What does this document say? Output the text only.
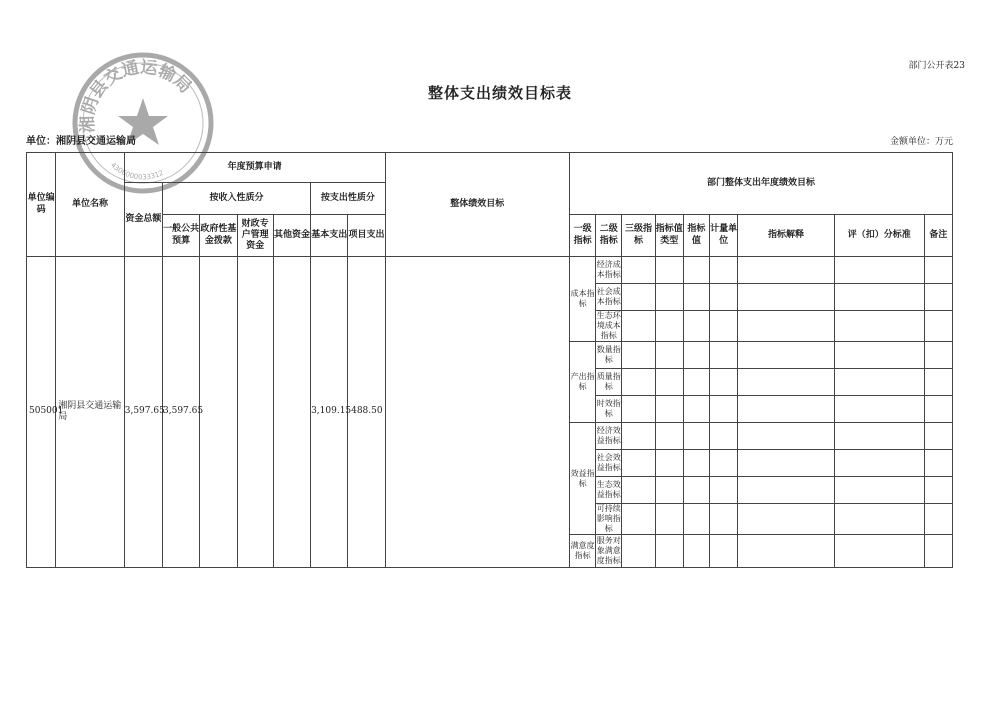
部门公开表23
整体支出绩效目标表
湘阴县交通运输局
4306000033312
单位：湘阴县交通运输局	金额单位：万元
单位编码	单位名称	年度预算申请							整体绩效目标	部门整体支出年度绩效目标								
		资金总额	按收入性质分				按支出性质分											
			一般公共预算	政府性基金拨款	财政专户管理资金	其他资金	基本支出	项目支出		一级指标	二级指标	三级指标	指标值类型	指标值	计量单位	指标解释	评（扣）分标准	备注
505001	湘阴县交通运输局	3,597.65	3,597.65				3,109.15	488.50		成本指标	经济成本指标							
											社会成本指标							
											生态环境成本指标							
										产出指标	数量指标							
											质量指标							
											时效指标							
										效益指标	经济效益指标							
											社会效益指标							
											生态效益指标							
											可持续影响指标							
										满意度指标	服务对象满意度指标							
